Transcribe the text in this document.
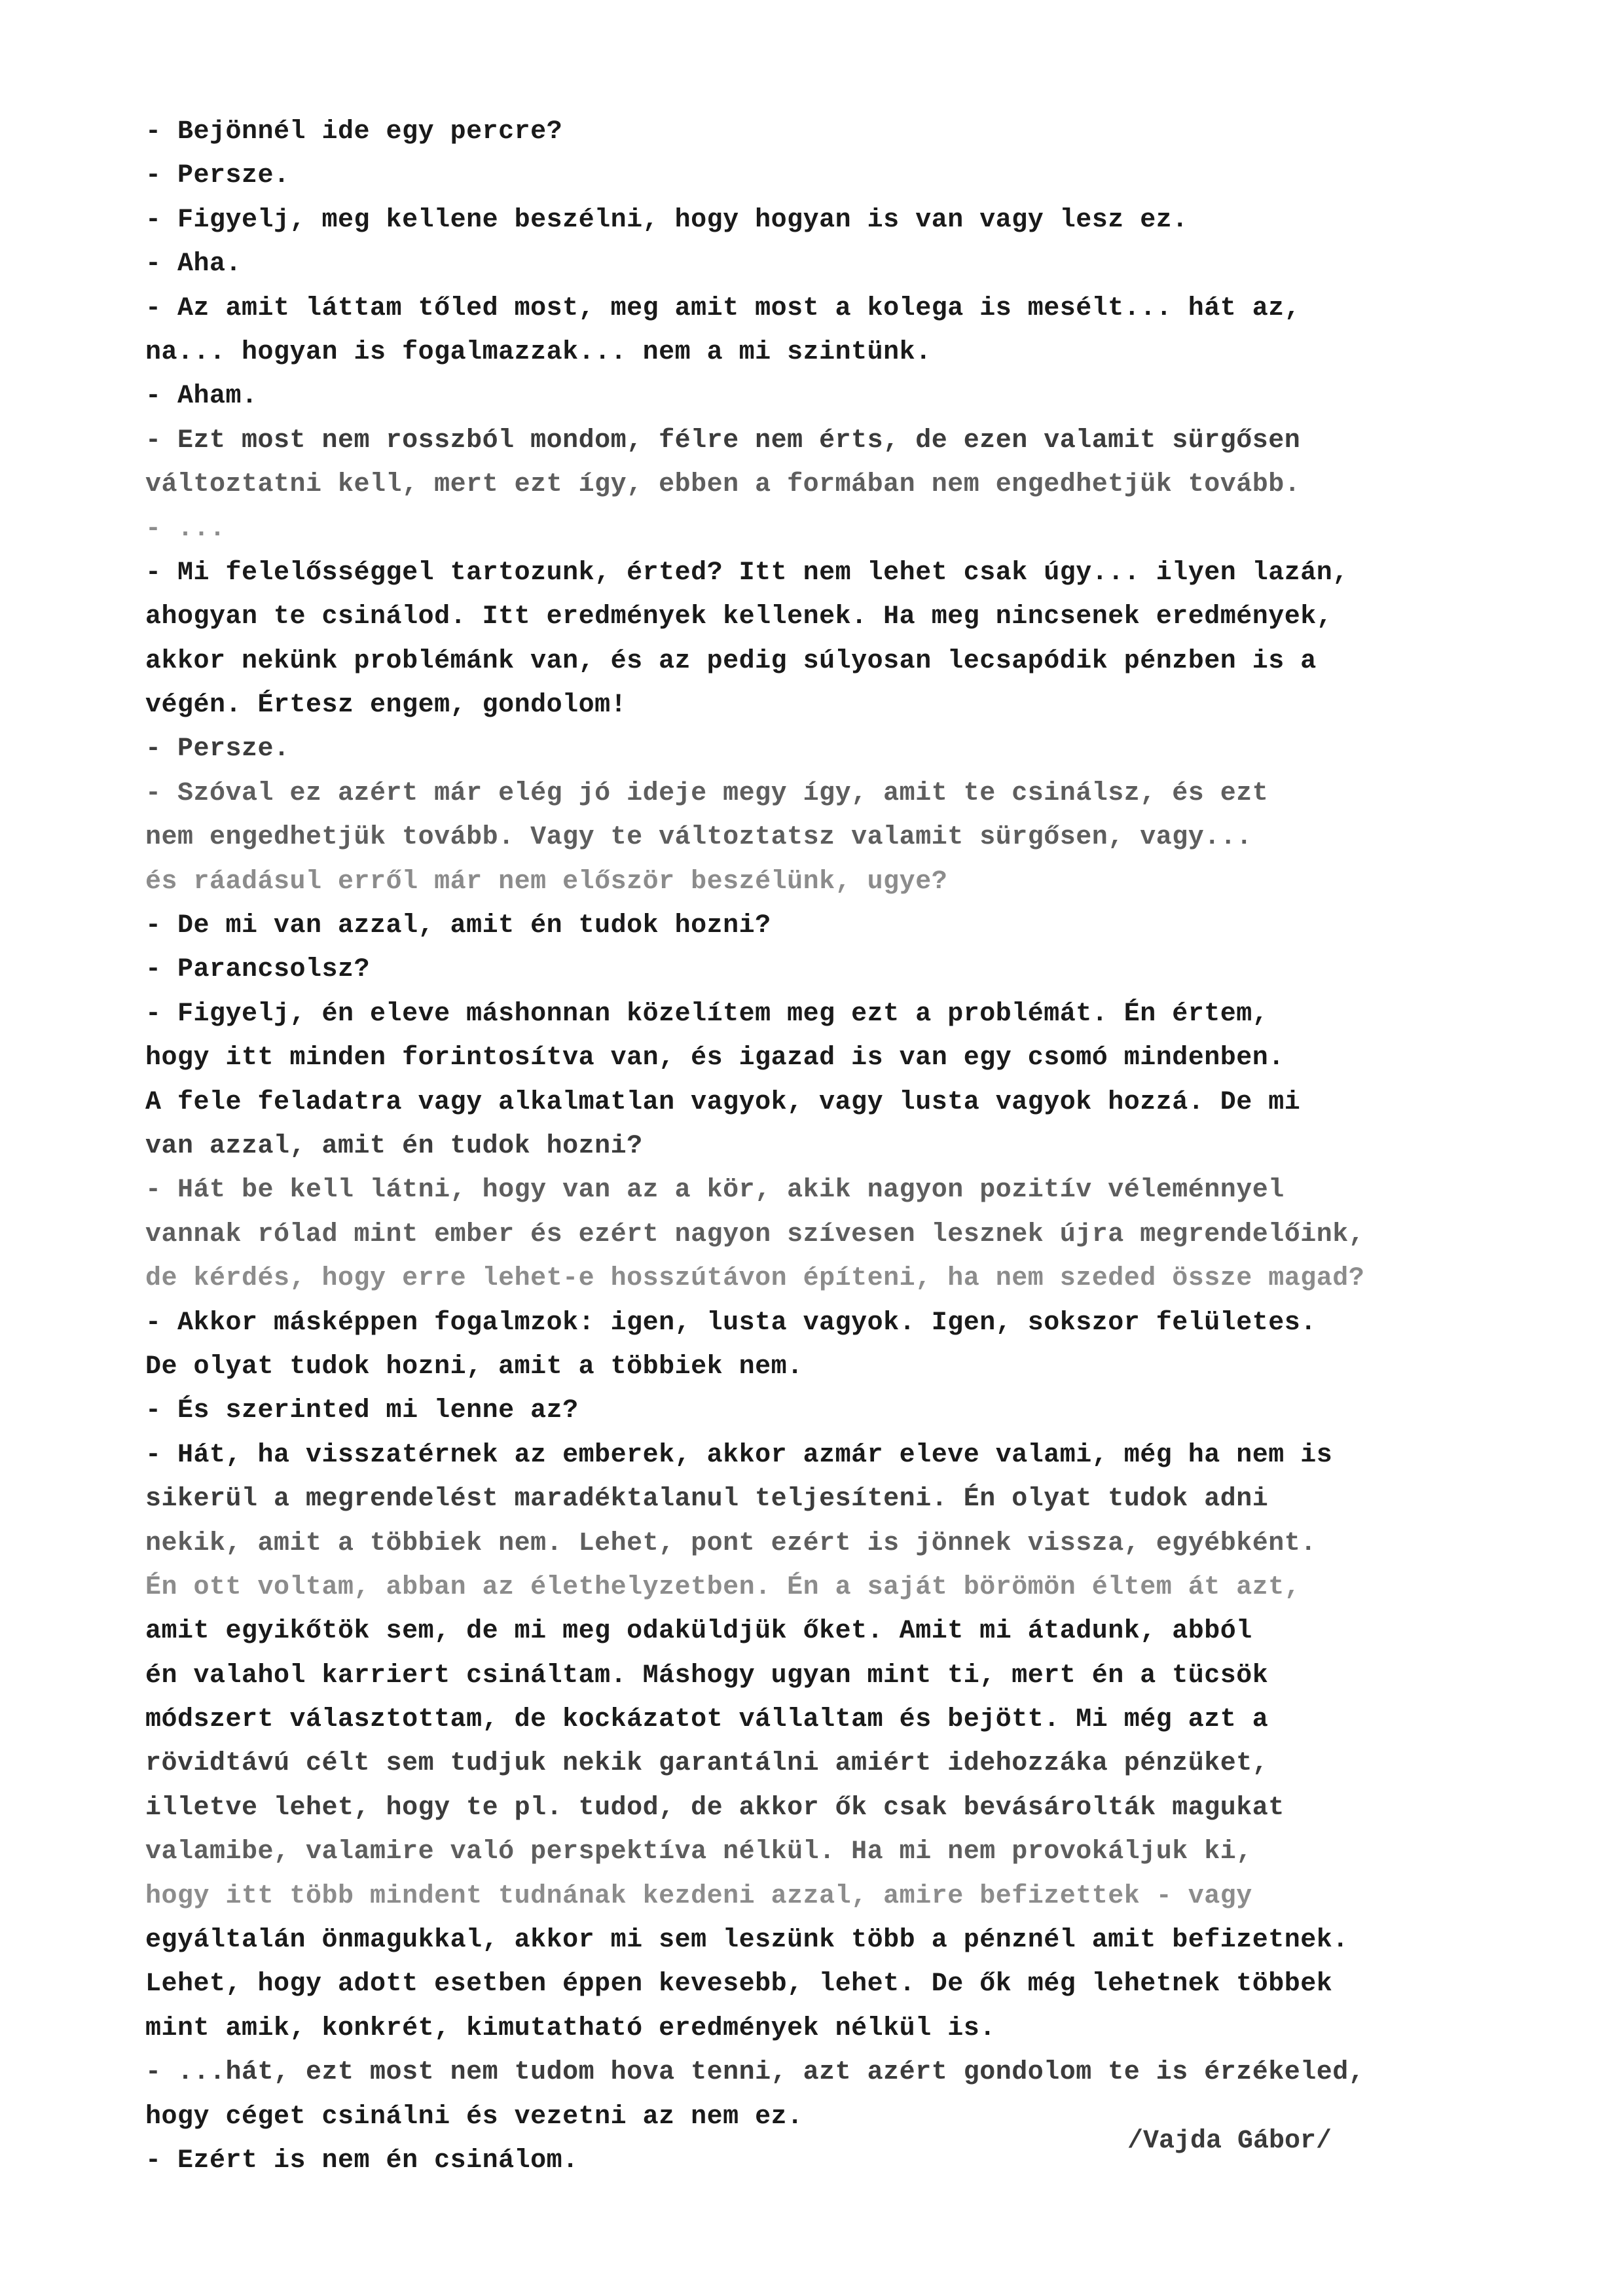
- Bejönnél ide egy percre?
- Persze.
- Figyelj, meg kellene beszélni, hogy hogyan is van vagy lesz ez.
- Aha.
- Az amit láttam tőled most, meg amit most a kolega is mesélt... hát az,
na... hogyan is fogalmazzak... nem a mi szintünk.
- Aham.
- Ezt most nem rosszból mondom, félre nem érts, de ezen valamit sürgősen
változtatni kell, mert ezt így, ebben a formában nem engedhetjük tovább.
- ...
- Mi felelősséggel tartozunk, érted? Itt nem lehet csak úgy... ilyen lazán,
ahogyan te csinálod. Itt eredmények kellenek. Ha meg nincsenek eredmények,
akkor nekünk problémánk van, és az pedig súlyosan lecsapódik pénzben is a
végén. Értesz engem, gondolom!
- Persze.
- Szóval ez azért már elég jó ideje megy így, amit te csinálsz, és ezt
nem engedhetjük tovább. Vagy te változtatsz valamit sürgősen, vagy...
és ráadásul erről már nem először beszélünk, ugye?
- De mi van azzal, amit én tudok hozni?
- Parancsolsz?
- Figyelj, én eleve máshonnan közelítem meg ezt a problémát. Én értem,
hogy itt minden forintosítva van, és igazad is van egy csomó mindenben.
A fele feladatra vagy alkalmatlan vagyok, vagy lusta vagyok hozzá. De mi
van azzal, amit én tudok hozni?
- Hát be kell látni, hogy van az a kör, akik nagyon pozitív véleménnyel
vannak rólad mint ember és ezért nagyon szívesen lesznek újra megrendelőink,
de kérdés, hogy erre lehet-e hosszútávon építeni, ha nem szeded össze magad?
- Akkor másképpen fogalmzok: igen, lusta vagyok. Igen, sokszor felületes.
De olyat tudok hozni, amit a többiek nem.
- És szerinted mi lenne az?
- Hát, ha visszatérnek az emberek, akkor azmár eleve valami, még ha nem is
sikerül a megrendelést maradéktalanul teljesíteni. Én olyat tudok adni
nekik, amit a többiek nem. Lehet, pont ezért is jönnek vissza, egyébként.
Én ott voltam, abban az élethelyzetben. Én a saját börömön éltem át azt,
amit egyikőtök sem, de mi meg odaküldjük őket. Amit mi átadunk, abból
én valahol karriert csináltam. Máshogy ugyan mint ti, mert én a tücsök
módszert választottam, de kockázatot vállaltam és bejött. Mi még azt a
rövidtávú célt sem tudjuk nekik garantálni amiért idehozzáka pénzüket,
illetve lehet, hogy te pl. tudod, de akkor ők csak bevásárolták magukat
valamibe, valamire való perspektíva nélkül. Ha mi nem provokáljuk ki,
hogy itt több mindent tudnának kezdeni azzal, amire befizettek - vagy
egyáltalán önmagukkal, akkor mi sem leszünk több a pénznél amit befizetnek.
Lehet, hogy adott esetben éppen kevesebb, lehet. De ők még lehetnek többek
mint amik, konkrét, kimutatható eredmények nélkül is.
- ...hát, ezt most nem tudom hova tenni, azt azért gondolom te is érzékeled,
hogy céget csinálni és vezetni az nem ez.
- Ezért is nem én csinálom.
/Vajda Gábor/
